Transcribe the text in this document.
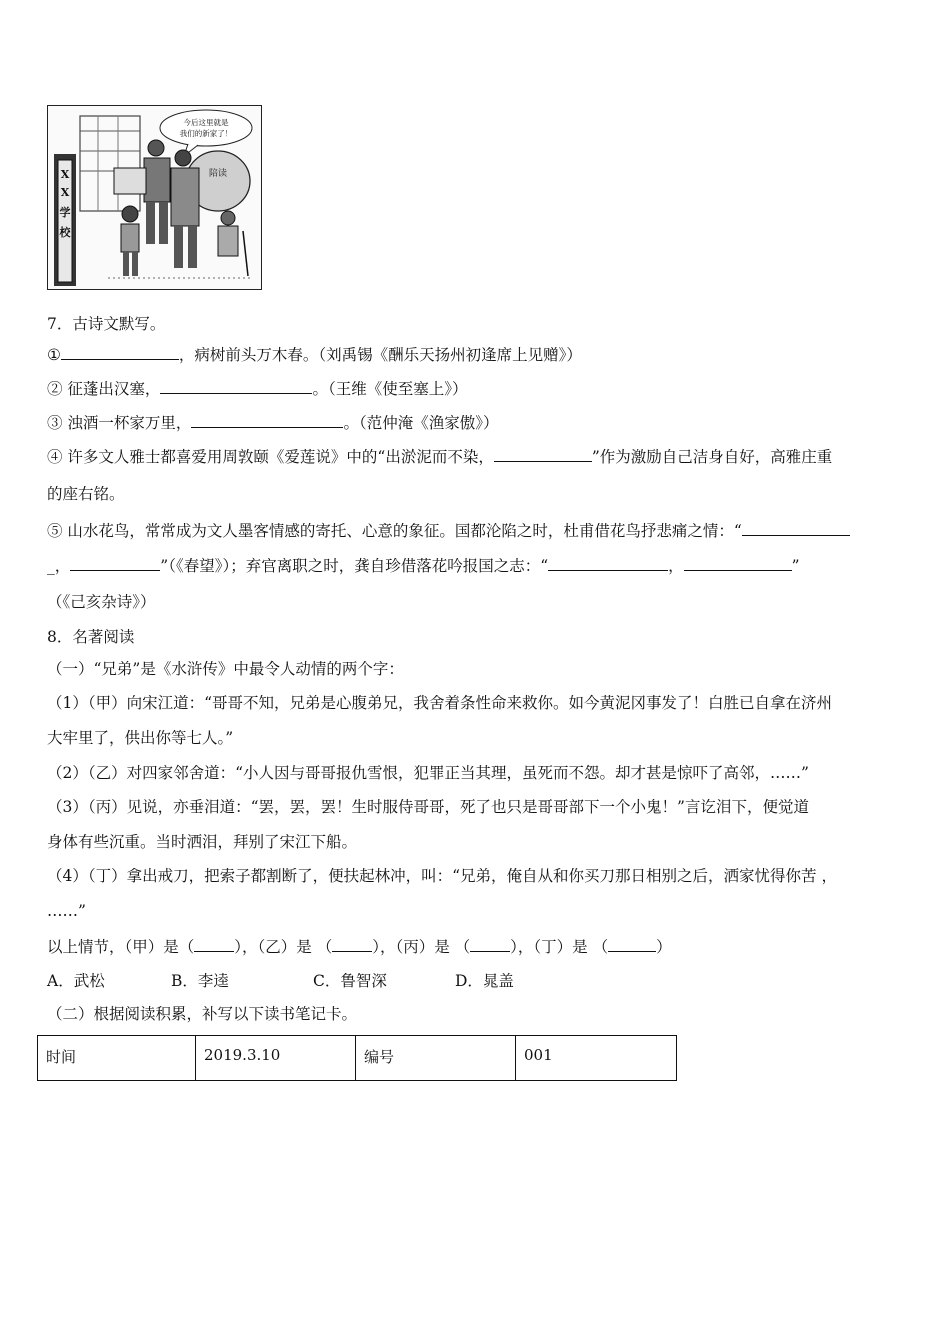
X
X
学
校
今后这里就是
我们的新家了！
陪读
7．古诗文默写。
①	，病树前头万木春。（刘禹锡《酬乐天扬州初逢席上见赠》）
② 征蓬出汉塞，	。（王维《使至塞上》）
③ 浊酒一杯家万里，	。（范仲淹《渔家傲》）
④ 许多文人雅士都喜爱用周敦颐《爱莲说》中的“出淤泥而不染，	”作为激励自己洁身自好，高雅庄重
的座右铭。
⑤ 山水花鸟，常常成为文人墨客情感的寄托、心意的象征。国都沦陷之时，杜甫借花鸟抒悲痛之情：“
_，	”（《春望》）；弃官离职之时，龚自珍借落花吟报国之志：“	，	”
（《己亥杂诗》）
8．名著阅读
（一）“兄弟”是《水浒传》中最令人动情的两个字：
（1）（甲）向宋江道：“哥哥不知，兄弟是心腹弟兄，我舍着条性命来救你。如今黄泥冈事发了！白胜已自拿在济州
大牢里了，供出你等七人。”
（2）（乙）对四家邻舍道：“小人因与哥哥报仇雪恨，犯罪正当其理，虽死而不怨。却才甚是惊吓了高邻，……”
（3）（丙）见说，亦垂泪道：“罢，罢，罢！生时服侍哥哥，死了也只是哥哥部下一个小鬼！”言讫泪下，便觉道
身体有些沉重。当时洒泪，拜别了宋江下船。
（4）（丁）拿出戒刀，把索子都割断了，便扶起林冲，叫：“兄弟，俺自从和你买刀那日相别之后，洒家忧得你苦 ，
……”
以上情节，（甲）是（	），（乙）是 （	），（丙）是 （	），（丁）是 （	）
A．武松	B．李逵	C．鲁智深	D．晁盖
（二）根据阅读积累，补写以下读书笔记卡。
时间	2019.3.10	编号	001
